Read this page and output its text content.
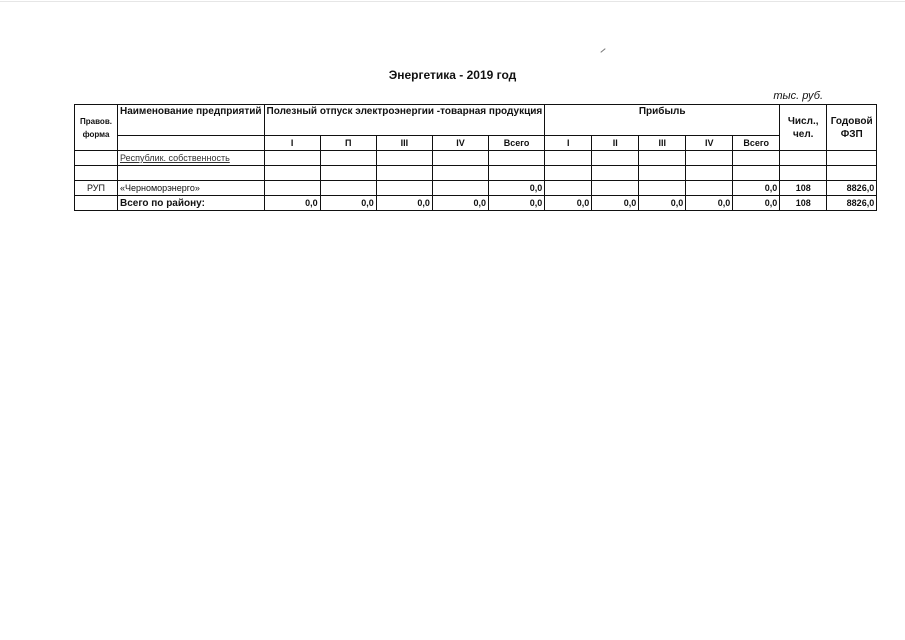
Энергетика - 2019 год
тыс. руб.
Правов. форма	Наименование предприятий	Полезный отпуск электроэнергии -товарная продукция					Прибыль					Числ., чел.	Годовой ФЗП
		I	П	III	IV	Всего	I	II	III	IV	Всего		
	Республик. собственность												

РУП	«Черноморэнерго»					0,0					0,0	108	8826,0
	Всего по району:	0,0	0,0	0,0	0,0	0,0	0,0	0,0	0,0	0,0	0,0	108	8826,0
